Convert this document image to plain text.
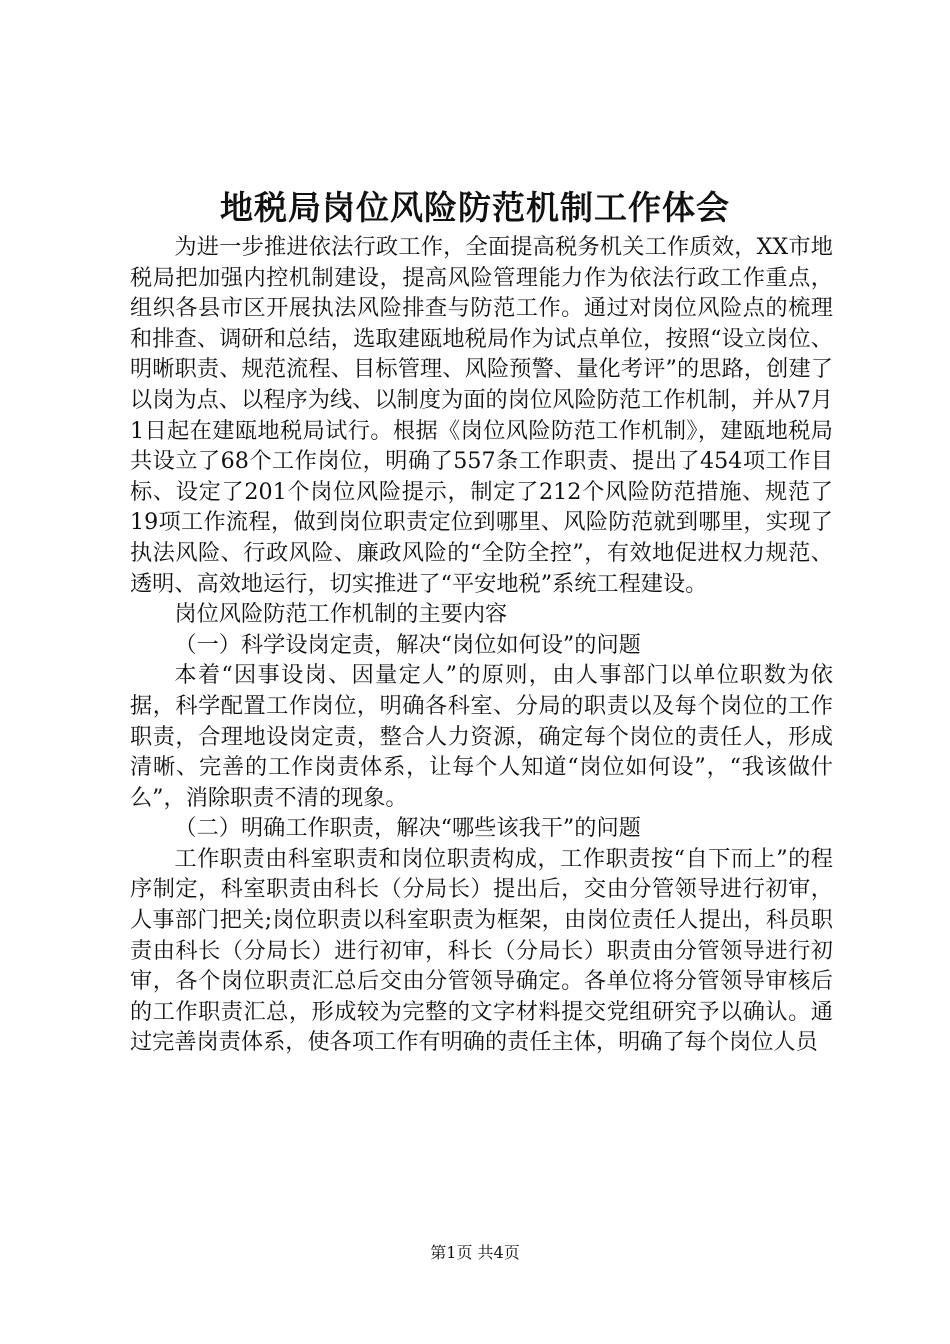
地税局岗位风险防范机制工作体会

为进一步推进依法行政工作，全面提高税务机关工作质效，XX市地税局把加强内控机制建设，提高风险管理能力作为依法行政工作重点，组织各县市区开展执法风险排查与防范工作。通过对岗位风险点的梳理和排查、调研和总结，选取建瓯地税局作为试点单位，按照“设立岗位、明晰职责、规范流程、目标管理、风险预警、量化考评”的思路，创建了以岗为点、以程序为线、以制度为面的岗位风险防范工作机制，并从7月1日起在建瓯地税局试行。根据《岗位风险防范工作机制》，建瓯地税局共设立了68个工作岗位，明确了557条工作职责、提出了454项工作目标、设定了201个岗位风险提示，制定了212个风险防范措施、规范了19项工作流程，做到岗位职责定位到哪里、风险防范就到哪里，实现了执法风险、行政风险、廉政风险的“全防全控”，有效地促进权力规范、透明、高效地运行，切实推进了“平安地税”系统工程建设。

岗位风险防范工作机制的主要内容

（一）科学设岗定责，解决“岗位如何设”的问题

本着“因事设岗、因量定人”的原则，由人事部门以单位职数为依据，科学配置工作岗位，明确各科室、分局的职责以及每个岗位的工作职责，合理地设岗定责，整合人力资源，确定每个岗位的责任人，形成清晰、完善的工作岗责体系，让每个人知道“岗位如何设”，“我该做什么”，消除职责不清的现象。

（二）明确工作职责，解决“哪些该我干”的问题

工作职责由科室职责和岗位职责构成，工作职责按“自下而上”的程序制定，科室职责由科长（分局长）提出后，交由分管领导进行初审，人事部门把关;岗位职责以科室职责为框架，由岗位责任人提出，科员职责由科长（分局长）进行初审，科长（分局长）职责由分管领导进行初审，各个岗位职责汇总后交由分管领导确定。各单位将分管领导审核后的工作职责汇总，形成较为完整的文字材料提交党组研究予以确认。通过完善岗责体系，使各项工作有明确的责任主体，明确了每个岗位人员

第1页 共4页
